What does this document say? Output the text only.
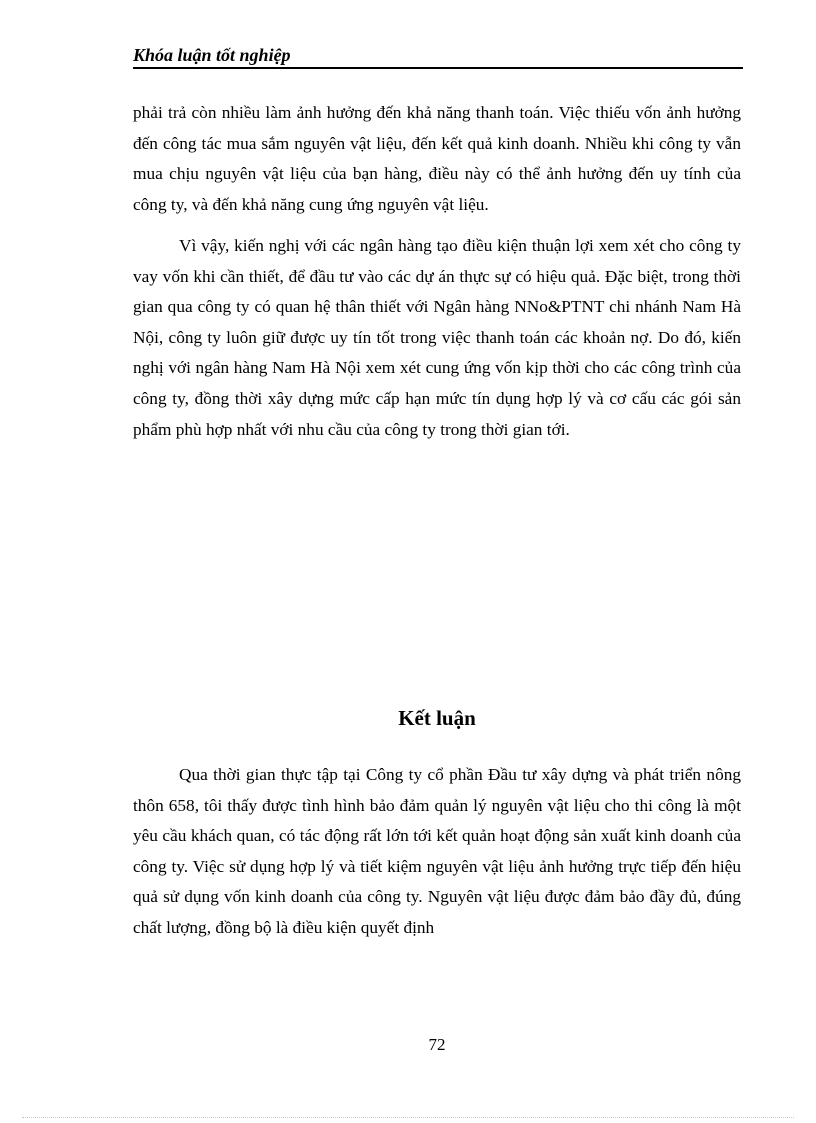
Khóa luận tốt nghiệp

phải trả còn nhiều làm ảnh hưởng đến khả năng thanh toán. Việc thiếu vốn ảnh hưởng đến công tác mua sắm nguyên vật liệu, đến kết quả kinh doanh. Nhiều khi công ty vẫn mua chịu nguyên vật liệu của bạn hàng, điều này có thể ảnh hưởng đến uy tính của công ty, và đến khả năng cung ứng nguyên vật liệu.

Vì vậy, kiến nghị với các ngân hàng tạo điều kiện thuận lợi xem xét cho công ty vay vốn khi cần thiết, để đầu tư vào các dự án thực sự có hiệu quả. Đặc biệt, trong thời gian qua công ty có quan hệ thân thiết với Ngân hàng NNo&PTNT chi nhánh Nam Hà Nội, công ty luôn giữ được uy tín tốt trong việc thanh toán các khoản nợ. Do đó, kiến nghị với ngân hàng Nam Hà Nội xem xét cung ứng vốn kịp thời cho các công trình của công ty, đồng thời xây dựng mức cấp hạn mức tín dụng hợp lý và cơ cấu các gói sản phẩm phù hợp nhất với nhu cầu của công ty trong thời gian tới.

Kết luận

Qua thời gian thực tập tại Công ty cổ phần Đầu tư xây dựng và phát triển nông thôn 658, tôi thấy được tình hình bảo đảm quản lý nguyên vật liệu cho thi công là một yêu cầu khách quan, có tác động rất lớn tới kết quản hoạt động sản xuất kinh doanh của công ty. Việc sử dụng hợp lý và tiết kiệm nguyên vật liệu ảnh hưởng trực tiếp đến hiệu quả sử dụng vốn kinh doanh của công ty. Nguyên vật liệu được đảm bảo đầy đủ, đúng chất lượng, đồng bộ là điều kiện quyết định

72
